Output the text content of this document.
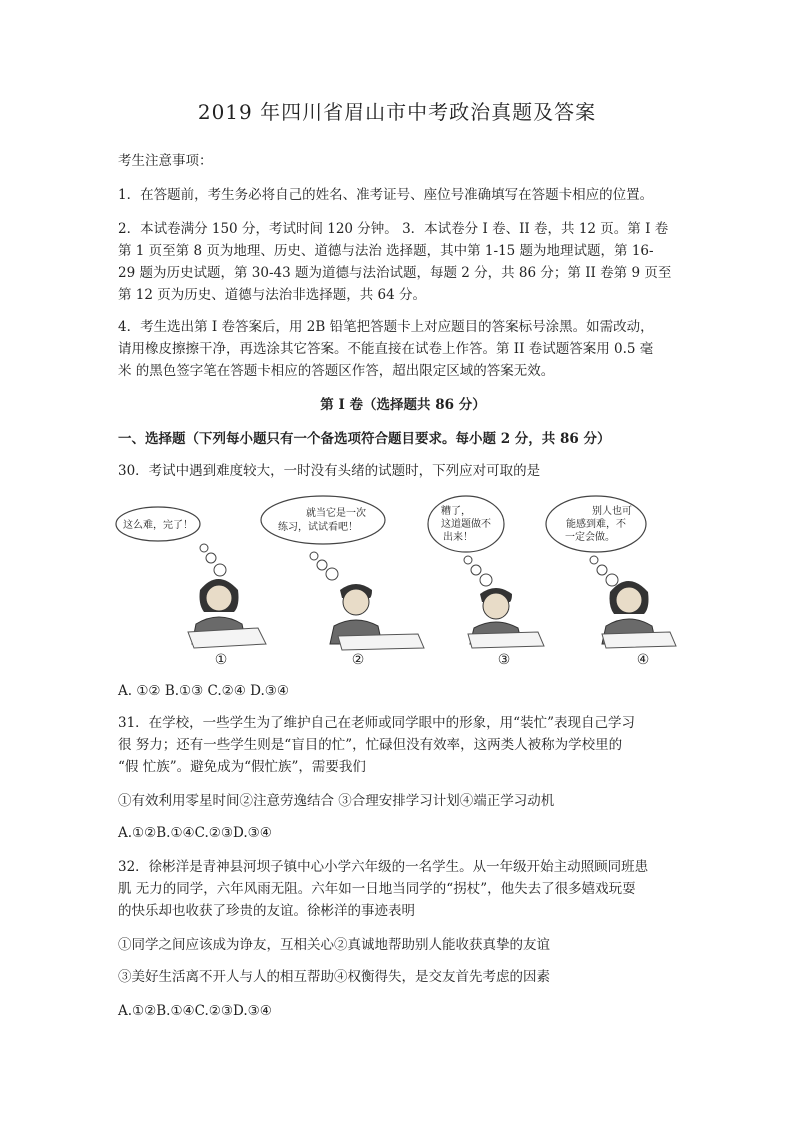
2019 年四川省眉山市中考政治真题及答案
考生注意事项：
1．在答题前，考生务必将自己的姓名、准考证号、座位号准确填写在答题卡相应的位置。
2．本试卷满分 150 分，考试时间 120 分钟。 3．本试卷分 I 卷、II 卷，共 12 页。第 I 卷
第 1 页至第 8 页为地理、历史、道德与法治 选择题，其中第 1-15 题为地理试题，第 16-
29 题为历史试题，第 30-43 题为道德与法治试题，每题 2 分，共 86 分；第 II 卷第 9 页至
第 12 页为历史、道德与法治非选择题，共 64 分。
4．考生选出第 I 卷答案后，用 2B 铅笔把答题卡上对应题目的答案标号涂黑。如需改动，
请用橡皮擦擦干净，再选涂其它答案。不能直接在试卷上作答。第 II 卷试题答案用 0.5 毫
米 的黑色签字笔在答题卡相应的答题区作答，超出限定区域的答案无效。
第 I 卷（选择题共 86 分）
一、选择题（下列每小题只有一个备选项符合题目要求。每小题 2 分，共 86 分）
30．考试中遇到难度较大，一时没有头绪的试题时，下列应对可取的是
这么难，完了！
①
就当它是一次
练习，试试看吧！
②
糟了，
这道题做不
出来！
③
别人也可
能感到难，不
一定会做。
④
A. ①② B.①③ C.②④ D.③④
31．在学校，一些学生为了维护自己在老师或同学眼中的形象，用“装忙”表现自己学习
很 努力；还有一些学生则是“盲目的忙”，忙碌但没有效率，这两类人被称为学校里的
“假 忙族”。避免成为“假忙族”，需要我们
①有效利用零星时间②注意劳逸结合 ③合理安排学习计划④端正学习动机
A.①②B.①④C.②③D.③④
32．徐彬洋是青神县河坝子镇中心小学六年级的一名学生。从一年级开始主动照顾同班患
肌 无力的同学，六年风雨无阻。六年如一日地当同学的“拐杖”，他失去了很多嬉戏玩耍
的快乐却也收获了珍贵的友谊。徐彬洋的事迹表明
①同学之间应该成为诤友，互相关心②真诚地帮助别人能收获真挚的友谊
③美好生活离不开人与人的相互帮助④权衡得失，是交友首先考虑的因素
A.①②B.①④C.②③D.③④
